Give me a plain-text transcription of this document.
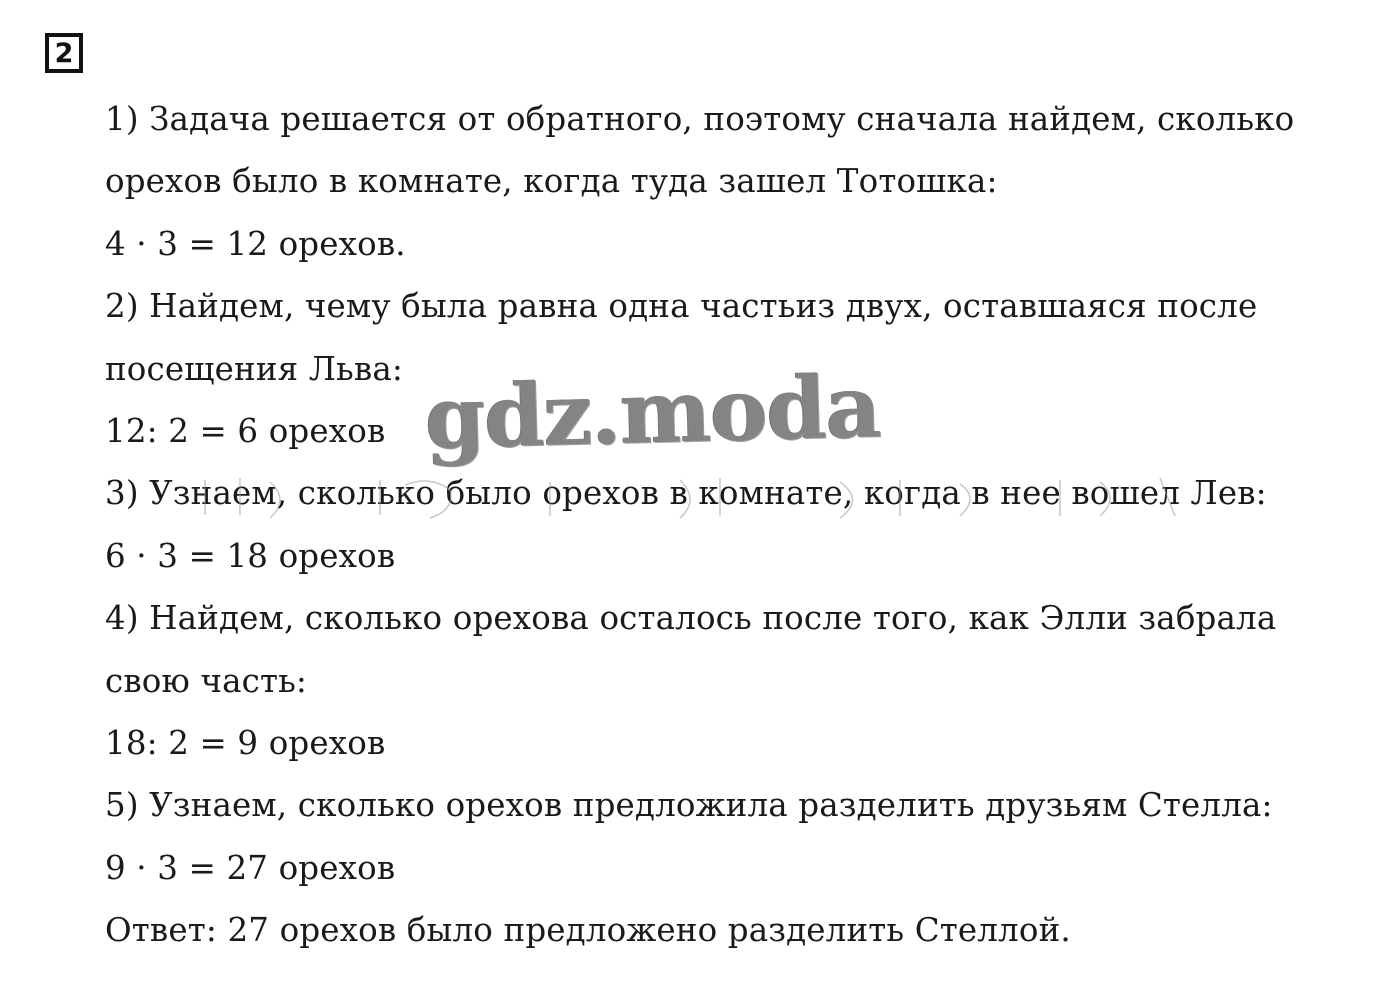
2
1) Задача решается от обратного, поэтому сначала найдем, сколько
орехов было в комнате, когда туда зашел Тотошка:
4 · 3 = 12 орехов.
2) Найдем, чему была равна одна частьиз двух, оставшаяся после
посещения Льва:
12: 2 = 6 орехов
3) Узнаем, сколько было орехов в комнате, когда в нее вошел Лев:
6 · 3 = 18 орехов
4) Найдем, сколько орехова осталось после того, как Элли забрала
свою часть:
18: 2 = 9 орехов
5) Узнаем, сколько орехов предложила разделить друзьям Стелла:
9 · 3 = 27 орехов
Ответ: 27 орехов было предложено разделить Стеллой.
gdz.moda
